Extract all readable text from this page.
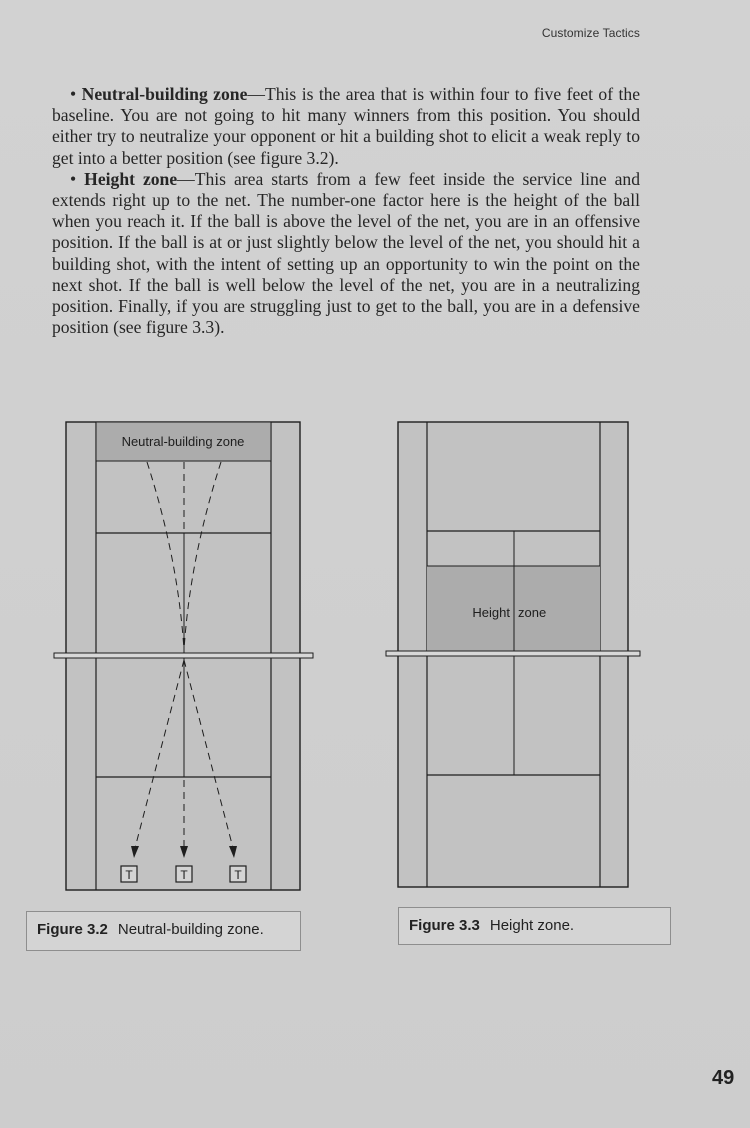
Customize Tactics

• Neutral-building zone—This is the area that is within four to five feet of the baseline. You are not going to hit many winners from this position. You should either try to neutralize your opponent or hit a building shot to elicit a weak reply to get into a better position (see figure 3.2).

• Height zone—This area starts from a few feet inside the service line and extends right up to the net. The number-one factor here is the height of the ball when you reach it. If the ball is above the level of the net, you are in an offensive position. If the ball is at or just slightly below the level of the net, you should hit a building shot, with the intent of setting up an opportunity to win the point on the next shot. If the ball is well below the level of the net, you are in a neutralizing position. Finally, if you are struggling just to get to the ball, you are in a defensive position (see figure 3.3).

T	T	T
Neutral-building zone
Height zone
Figure 3.2 Neutral-building zone.	Figure 3.3 Height zone.
49
